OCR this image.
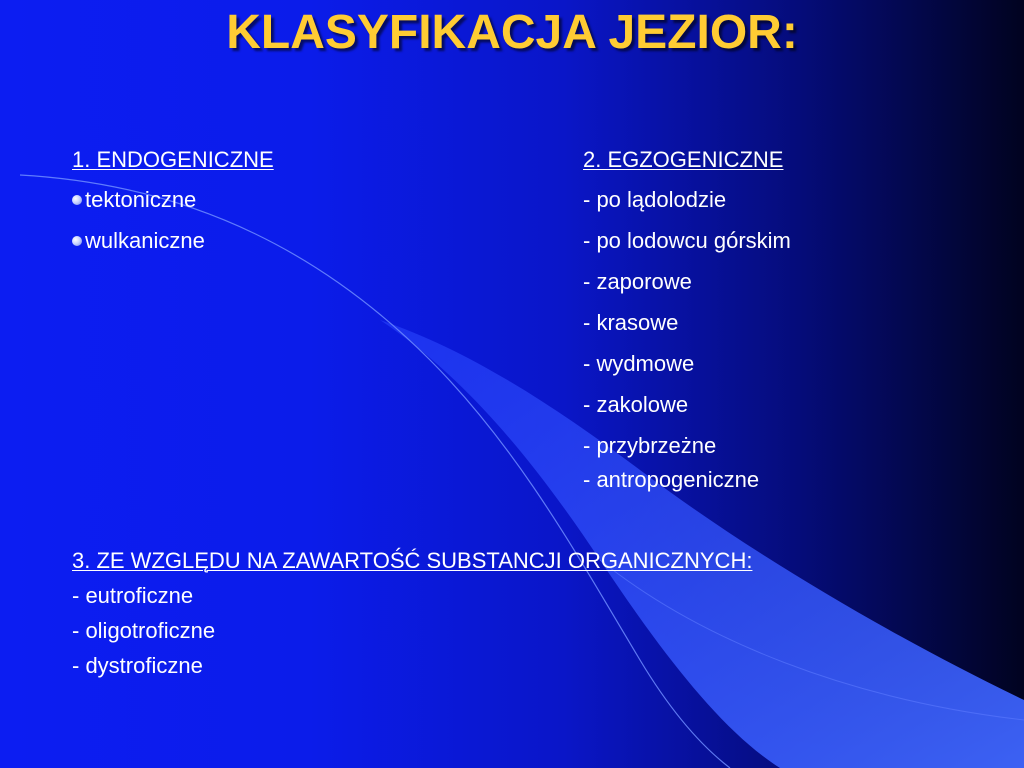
KLASYFIKACJA JEZIOR:
1. ENDOGENICZNE
tektoniczne
wulkaniczne
2. EGZOGENICZNE
- po lądolodzie
- po lodowcu górskim
- zaporowe
- krasowe
- wydmowe
- zakolowe
- przybrzeżne
- antropogeniczne
3. ZE WZGLĘDU NA ZAWARTOŚĆ SUBSTANCJI ORGANICZNYCH:
- eutroficzne
- oligotroficzne
- dystroficzne
